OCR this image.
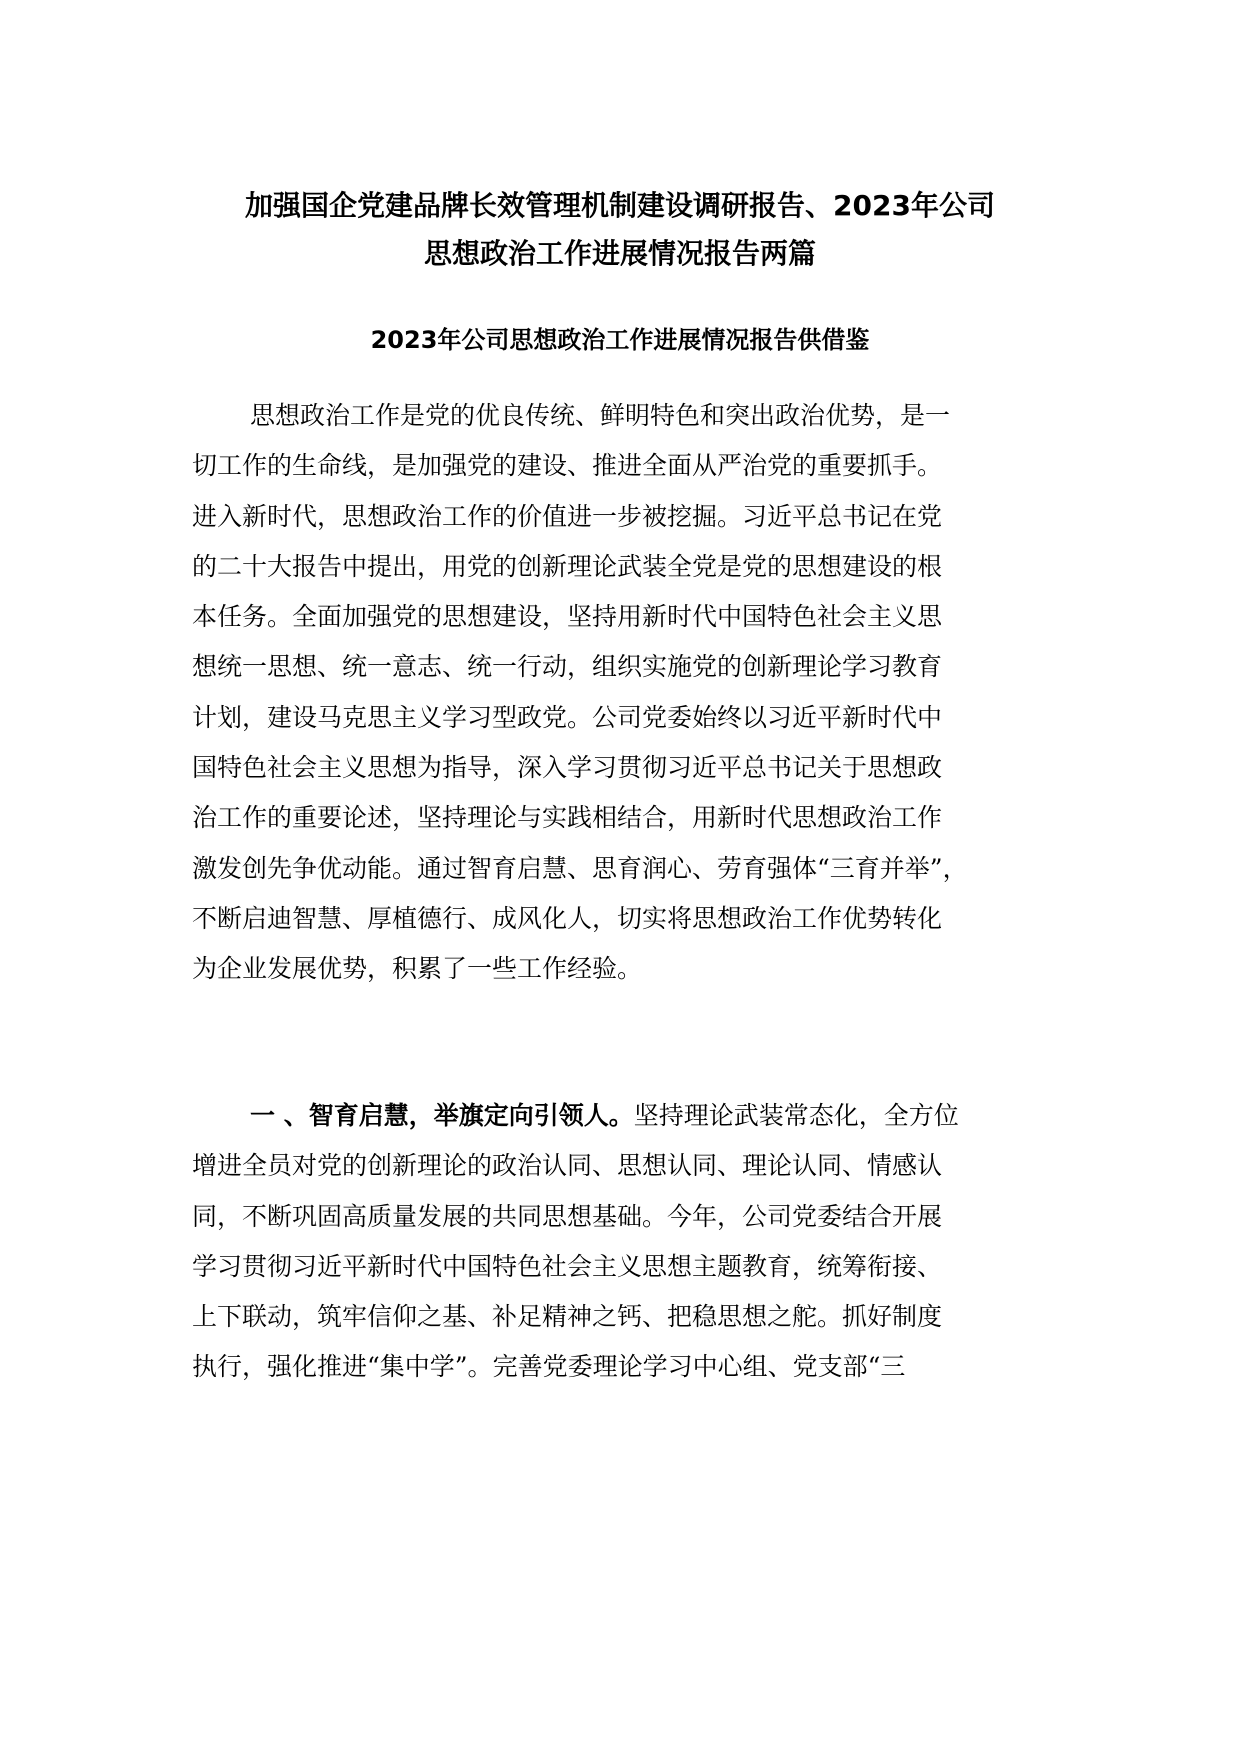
加强国企党建品牌长效管理机制建设调研报告、2023年公司
思想政治工作进展情况报告两篇
2023年公司思想政治工作进展情况报告供借鉴
思想政治工作是党的优良传统、鲜明特色和突出政治优势，是一
切工作的生命线，是加强党的建设、推进全面从严治党的重要抓手。
进入新时代，思想政治工作的价值进一步被挖掘。习近平总书记在党
的二十大报告中提出，用党的创新理论武装全党是党的思想建设的根
本任务。全面加强党的思想建设，坚持用新时代中国特色社会主义思
想统一思想、统一意志、统一行动，组织实施党的创新理论学习教育
计划，建设马克思主义学习型政党。公司党委始终以习近平新时代中
国特色社会主义思想为指导，深入学习贯彻习近平总书记关于思想政
治工作的重要论述，坚持理论与实践相结合，用新时代思想政治工作
激发创先争优动能。通过智育启慧、思育润心、劳育强体“三育并举”，
不断启迪智慧、厚植德行、成风化人，切实将思想政治工作优势转化
为企业发展优势，积累了一些工作经验。
一 、智育启慧，举旗定向引领人。坚持理论武装常态化，全方位
增进全员对党的创新理论的政治认同、思想认同、理论认同、情感认
同，不断巩固高质量发展的共同思想基础。今年，公司党委结合开展
学习贯彻习近平新时代中国特色社会主义思想主题教育，统筹衔接、
上下联动，筑牢信仰之基、补足精神之钙、把稳思想之舵。抓好制度
执行，强化推进“集中学”。完善党委理论学习中心组、党支部“三
